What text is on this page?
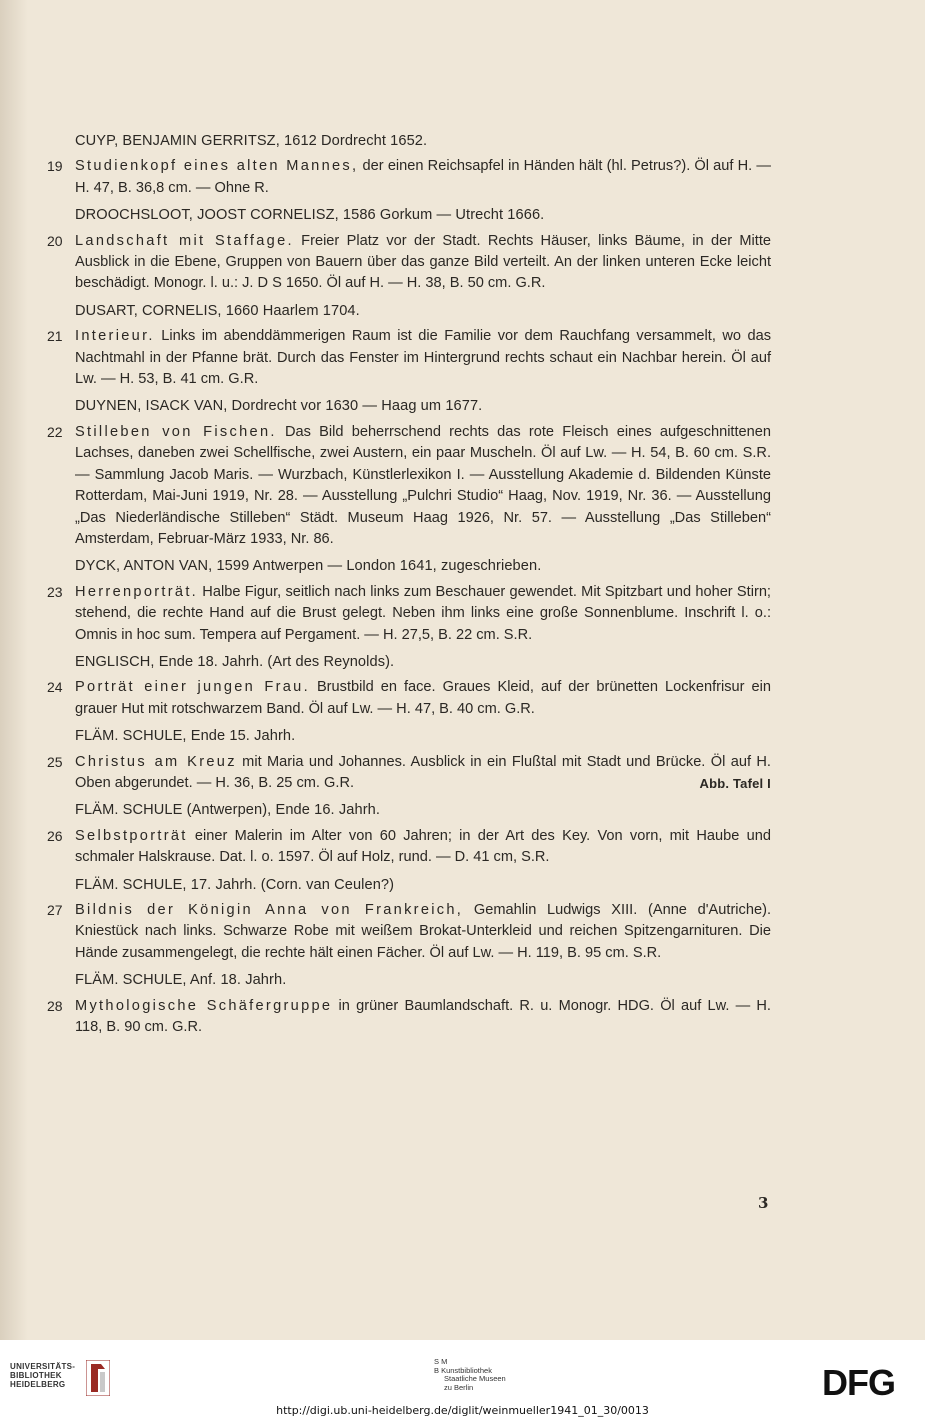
CUYP, BENJAMIN GERRITSZ, 1612 Dordrecht 1652.
19 Studienkopf eines alten Mannes, der einen Reichsapfel in Händen hält (hl. Petrus?). Öl auf H. — H. 47, B. 36,8 cm. — Ohne R.
DROOCHSLOOT, JOOST CORNELISZ, 1586 Gorkum — Utrecht 1666.
20 Landschaft mit Staffage. Freier Platz vor der Stadt. Rechts Häuser, links Bäume, in der Mitte Ausblick in die Ebene, Gruppen von Bauern über das ganze Bild verteilt. An der linken unteren Ecke leicht beschädigt. Monogr. l. u.: J. D S 1650. Öl auf H. — H. 38, B. 50 cm. G.R.
DUSART, CORNELIS, 1660 Haarlem 1704.
21 Interieur. Links im abenddämmerigen Raum ist die Familie vor dem Rauchfang versammelt, wo das Nachtmahl in der Pfanne brät. Durch das Fenster im Hintergrund rechts schaut ein Nachbar herein. Öl auf Lw. — H. 53, B. 41 cm. G.R.
DUYNEN, ISACK VAN, Dordrecht vor 1630 — Haag um 1677.
22 Stilleben von Fischen. Das Bild beherrschend rechts das rote Fleisch eines aufgeschnittenen Lachses, daneben zwei Schellfische, zwei Austern, ein paar Muscheln. Öl auf Lw. — H. 54, B. 60 cm. S.R. — Sammlung Jacob Maris. — Wurzbach, Künstlerlexikon I. — Ausstellung Akademie d. Bildenden Künste Rotterdam, Mai-Juni 1919, Nr. 28. — Ausstellung „Pulchri Studio“ Haag, Nov. 1919, Nr. 36. — Ausstellung „Das Niederländische Stilleben“ Städt. Museum Haag 1926, Nr. 57. — Ausstellung „Das Stilleben“ Amsterdam, Februar-März 1933, Nr. 86.
DYCK, ANTON VAN, 1599 Antwerpen — London 1641, zugeschrieben.
23 Herrenporträt. Halbe Figur, seitlich nach links zum Beschauer gewendet. Mit Spitzbart und hoher Stirn; stehend, die rechte Hand auf die Brust gelegt. Neben ihm links eine große Sonnenblume. Inschrift l. o.: Omnis in hoc sum. Tempera auf Pergament. — H. 27,5, B. 22 cm. S.R.
ENGLISCH, Ende 18. Jahrh. (Art des Reynolds).
24 Porträt einer jungen Frau. Brustbild en face. Graues Kleid, auf der brünetten Lockenfrisur ein grauer Hut mit rotschwarzem Band. Öl auf Lw. — H. 47, B. 40 cm. G.R.
FLÄM. SCHULE, Ende 15. Jahrh.
25 Christus am Kreuz mit Maria und Johannes. Ausblick in ein Flußtal mit Stadt und Brücke. Öl auf H. Oben abgerundet. — H. 36, B. 25 cm. G.R.	Abb. Tafel I
FLÄM. SCHULE (Antwerpen), Ende 16. Jahrh.
26 Selbstporträt einer Malerin im Alter von 60 Jahren; in der Art des Key. Von vorn, mit Haube und schmaler Halskrause. Dat. l. o. 1597. Öl auf Holz, rund. — D. 41 cm, S.R.
FLÄM. SCHULE, 17. Jahrh. (Corn. van Ceulen?)
27 Bildnis der Königin Anna von Frankreich, Gemahlin Ludwigs XIII. (Anne d'Autriche). Kniestück nach links. Schwarze Robe mit weißem Brokat-Unterkleid und reichen Spitzengarnituren. Die Hände zusammengelegt, die rechte hält einen Fächer. Öl auf Lw. — H. 119, B. 95 cm. S.R.
FLÄM. SCHULE, Anf. 18. Jahrh.
28 Mythologische Schäfergruppe in grüner Baumlandschaft. R. u. Monogr. HDG. Öl auf Lw. — H. 118, B. 90 cm. G.R.
3
UNIVERSITÄTS-
BIBLIOTHEK
HEIDELBERG
S M
B Kunstbibliothek
Staatliche Museen
zu Berlin	DFG
http://digi.ub.uni-heidelberg.de/diglit/weinmueller1941_01_30/0013
